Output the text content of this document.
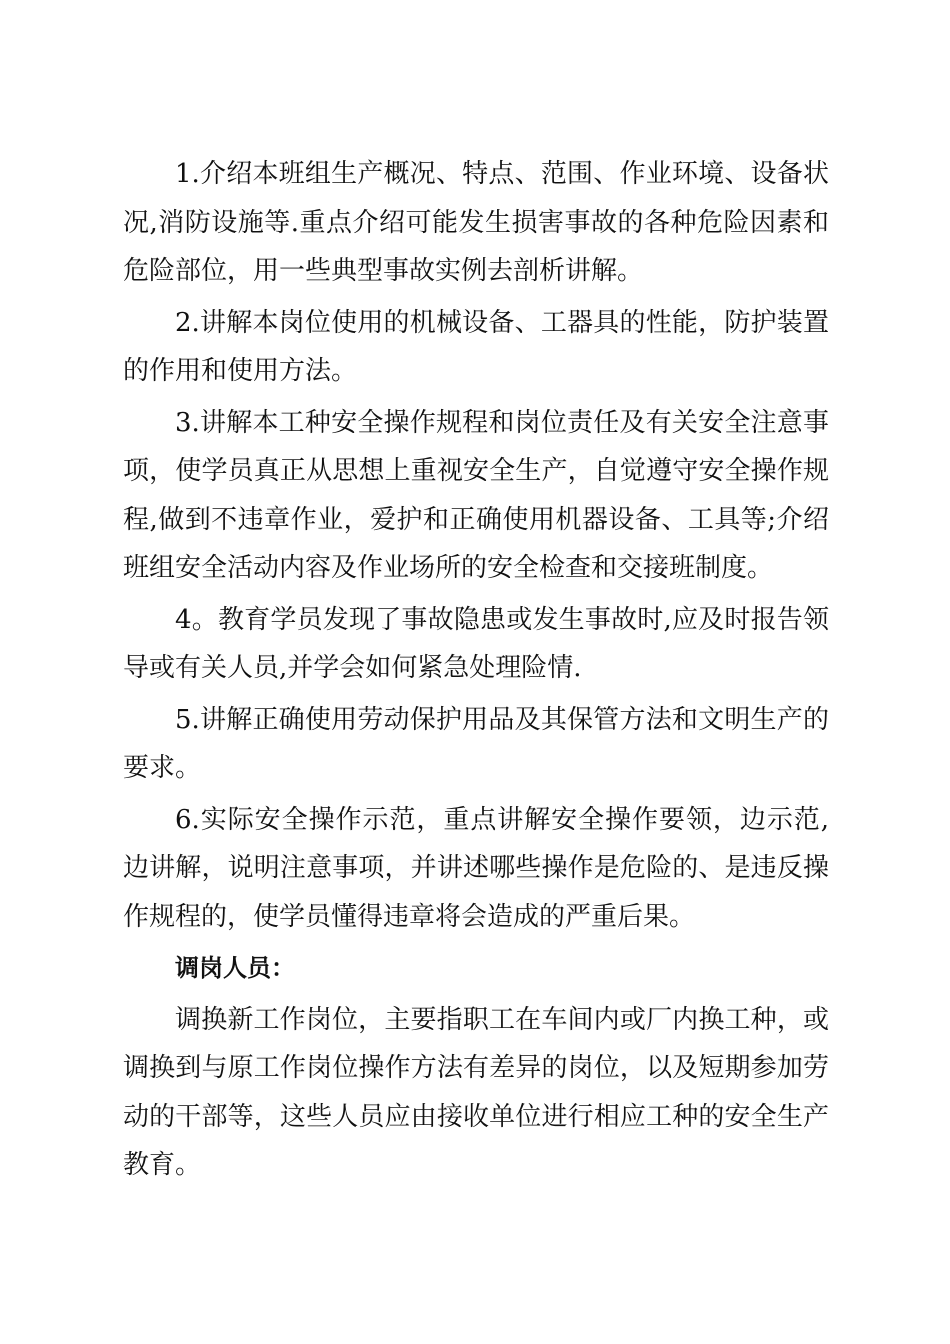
1.介绍本班组生产概况、特点、范围、作业环境、设备状况,消防设施等.重点介绍可能发生损害事故的各种危险因素和危险部位，用一些典型事故实例去剖析讲解。

2.讲解本岗位使用的机械设备、工器具的性能，防护装置的作用和使用方法。

3.讲解本工种安全操作规程和岗位责任及有关安全注意事项，使学员真正从思想上重视安全生产，自觉遵守安全操作规程,做到不违章作业，爱护和正确使用机器设备、工具等;介绍班组安全活动内容及作业场所的安全检查和交接班制度。

4。教育学员发现了事故隐患或发生事故时,应及时报告领导或有关人员,并学会如何紧急处理险情.

5.讲解正确使用劳动保护用品及其保管方法和文明生产的要求。

6.实际安全操作示范，重点讲解安全操作要领，边示范,边讲解，说明注意事项，并讲述哪些操作是危险的、是违反操作规程的，使学员懂得违章将会造成的严重后果。

调岗人员：

调换新工作岗位，主要指职工在车间内或厂内换工种，或调换到与原工作岗位操作方法有差异的岗位，以及短期参加劳动的干部等，这些人员应由接收单位进行相应工种的安全生产教育。
